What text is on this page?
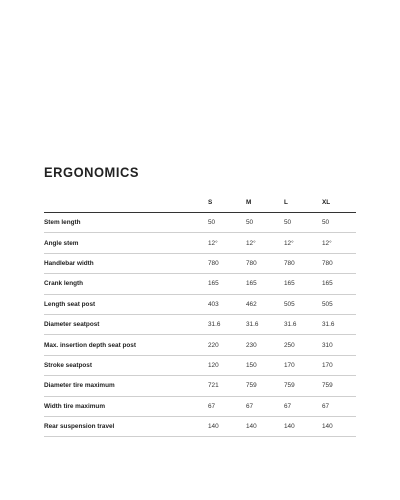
ERGONOMICS
	S	M	L	XL
Stem length	50	50	50	50
Angle stem	12°	12°	12°	12°
Handlebar width	780	780	780	780
Crank length	165	165	165	165
Length seat post	403	462	505	505
Diameter seatpost	31.6	31.6	31.6	31.6
Max. insertion depth seat post	220	230	250	310
Stroke seatpost	120	150	170	170
Diameter tire maximum	721	759	759	759
Width tire maximum	67	67	67	67
Rear suspension travel	140	140	140	140
